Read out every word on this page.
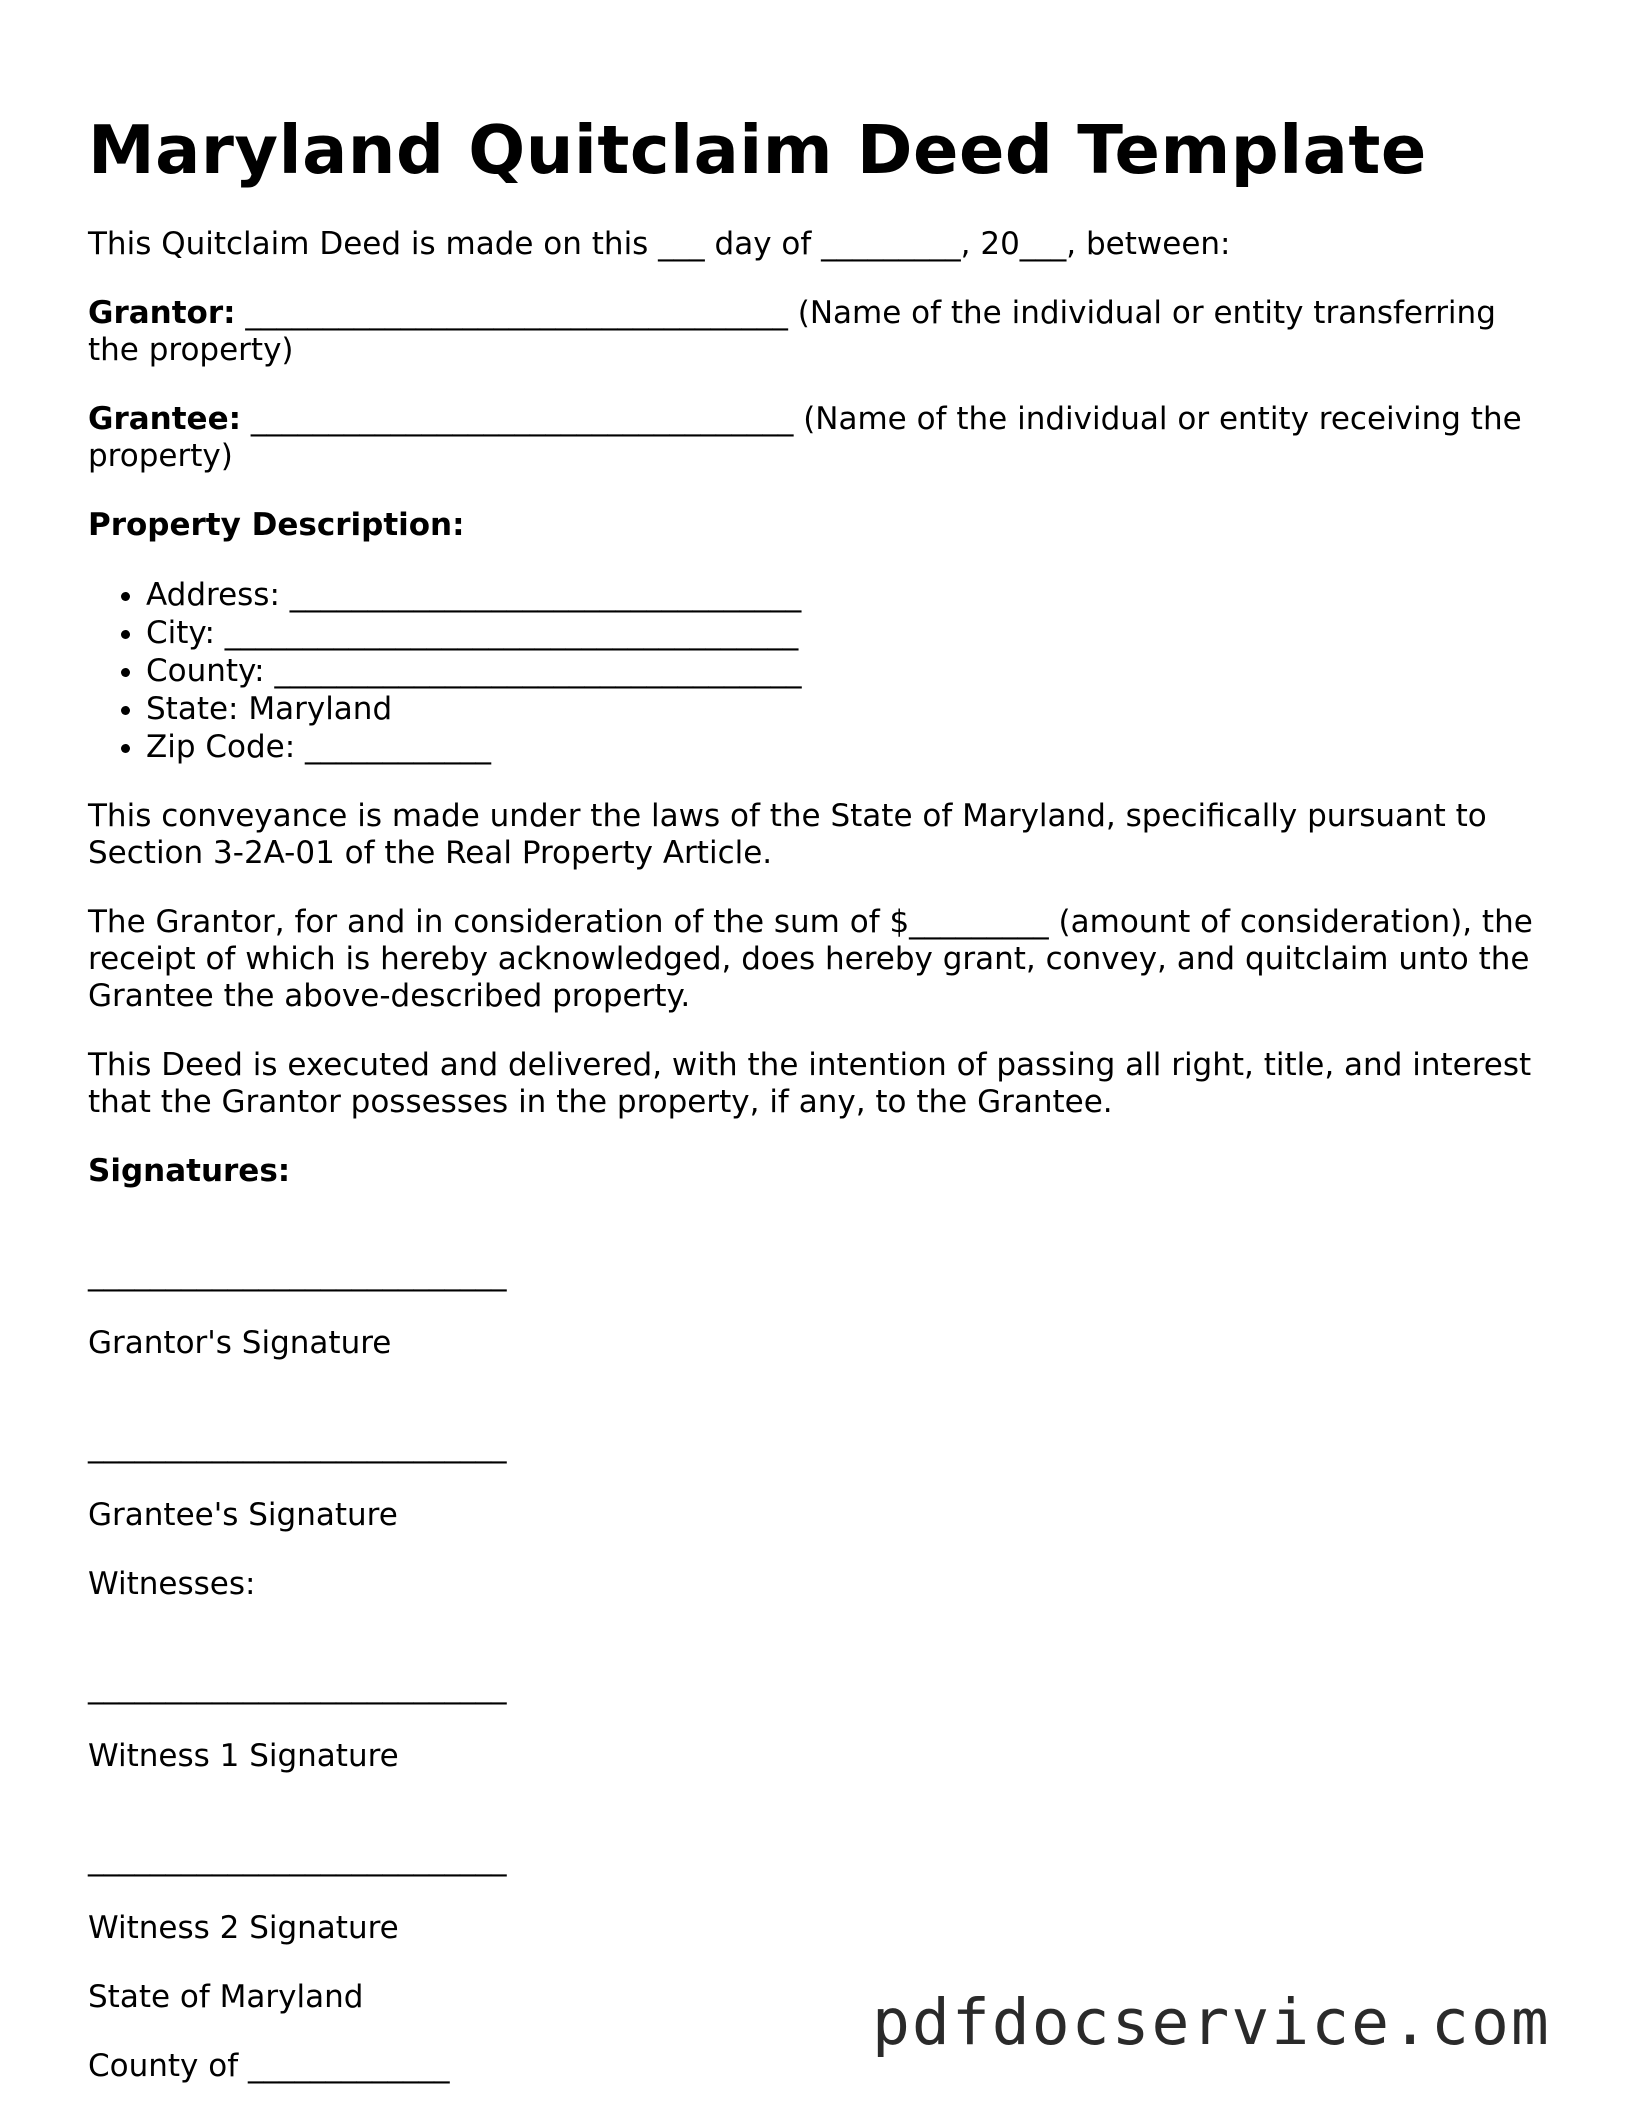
Maryland Quitclaim Deed Template

This Quitclaim Deed is made on this ___ day of _________, 20___, between:

Grantor: ___________________________________ (Name of the individual or entity transferring the property)

Grantee: ___________________________________ (Name of the individual or entity receiving the property)

Property Description:

• Address: _________________________________
• City: _____________________________________
• County: __________________________________
• State: Maryland
• Zip Code: ____________

This conveyance is made under the laws of the State of Maryland, specifically pursuant to Section 3-2A-01 of the Real Property Article.

The Grantor, for and in consideration of the sum of $_________ (amount of consideration), the receipt of which is hereby acknowledged, does hereby grant, convey, and quitclaim unto the Grantee the above-described property.

This Deed is executed and delivered, with the intention of passing all right, title, and interest that the Grantor possesses in the property, if any, to the Grantee.

Signatures:

___________________________

Grantor's Signature

___________________________

Grantee's Signature

Witnesses:

___________________________

Witness 1 Signature

___________________________

Witness 2 Signature

State of Maryland

County of _____________

pdfdocservice.com
